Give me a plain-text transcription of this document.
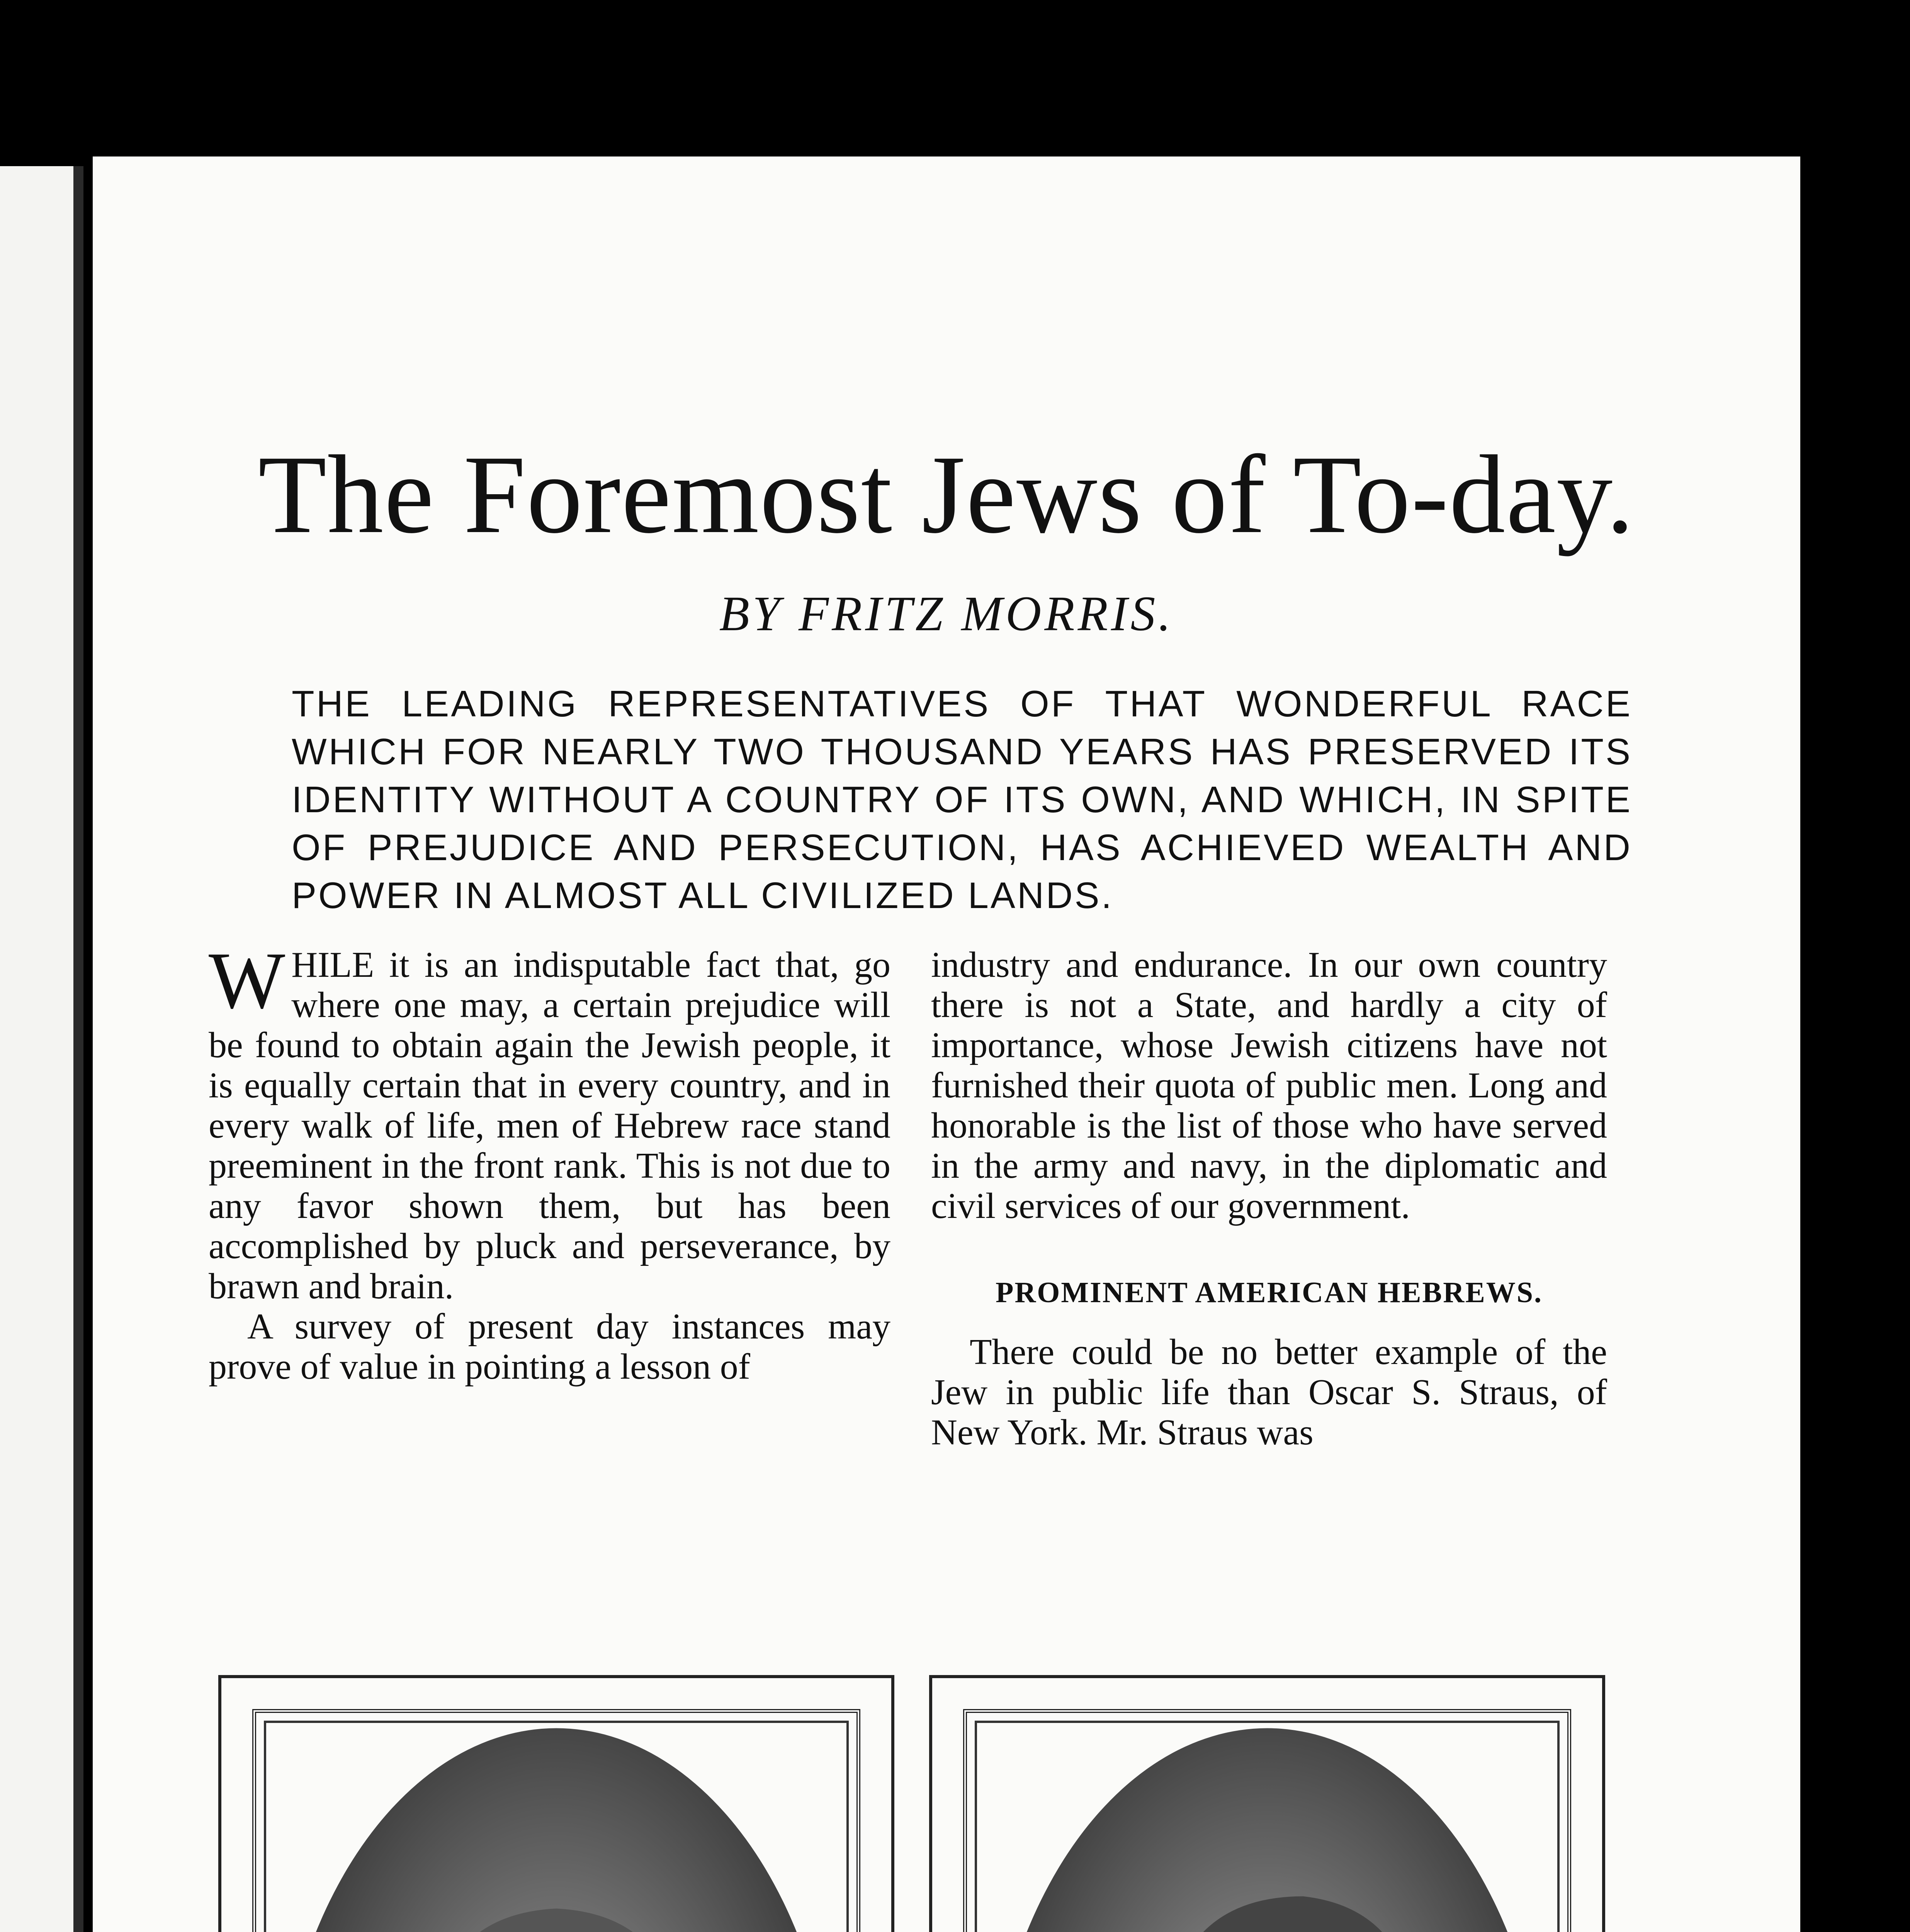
The Foremost Jews of To-day.
BY FRITZ MORRIS.
THE LEADING REPRESENTATIVES OF THAT WONDERFUL RACE WHICH FOR NEARLY TWO THOUSAND YEARS HAS PRESERVED ITS IDENTITY WITHOUT A COUNTRY OF ITS OWN, AND WHICH, IN SPITE OF PREJUDICE AND PERSECUTION, HAS ACHIEVED WEALTH AND POWER IN ALMOST ALL CIVILIZED LANDS.

WHILE it is an indisputable fact that, go where one may, a certain prejudice will be found to obtain again the Jewish people, it is equally certain that in every country, and in every walk of life, men of Hebrew race stand preeminent in the front rank. This is not due to any favor shown them, but has been accomplished by pluck and perseverance, by brawn and brain.

A survey of present day instances may prove of value in pointing a lesson of

industry and endurance. In our own country there is not a State, and hardly a city of importance, whose Jewish citizens have not furnished their quota of public men. Long and honorable is the list of those who have served in the army and navy, in the diplomatic and civil services of our government.

PROMINENT AMERICAN HEBREWS.

There could be no better example of the Jew in public life than Oscar S. Straus, of New York. Mr. Straus was
